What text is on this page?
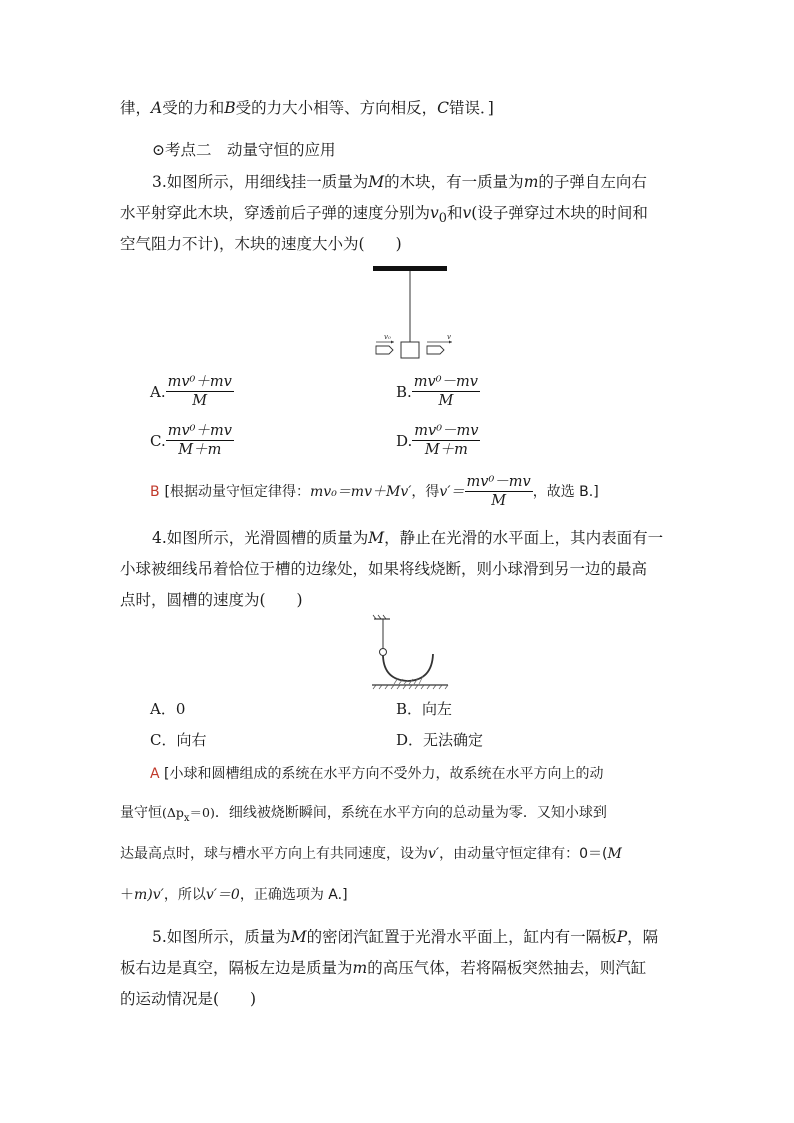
律，A受的力和B受的力大小相等、方向相反，C错误．]
⊙考点二　动量守恒的应用
3.如图所示，用细线挂一质量为M的木块，有一质量为m的子弹自左向右
水平射穿此木块，穿透前后子弹的速度分别为$v_0$和v(设子弹穿过木块的时间和
空气阻力不计)，木块的速度大小为(　　)
v₀	v
A. $\frac{\text{mv⁰＋mv}}{M}$	B. $\frac{\text{mv⁰－mv}}{M}$
C. $\frac{\text{mv⁰＋mv}}{M+m}$	D. $\frac{\text{mv⁰－mv}}{M+m}$
B [根据动量守恒定律得：mv₀＝mv＋Mv′，得$v'= \frac{\text{mv⁰－mv}}{M}$ ，故选 B.]
4.如图所示，光滑圆槽的质量为M，静止在光滑的水平面上，其内表面有一
小球被细线吊着恰位于槽的边缘处，如果将线烧断，则小球滑到另一边的最高
点时，圆槽的速度为(　　)
A．0	B．向左
C．向右	D．无法确定
A [小球和圆槽组成的系统在水平方向不受外力，故系统在水平方向上的动
量守恒$(\Delta p_x=0)$．细线被烧断瞬间，系统在水平方向的总动量为零．又知小球到
达最高点时，球与槽水平方向上有共同速度，设为v′，由动量守恒定律有：0＝(M
＋m)v′，所以v′＝0，正确选项为 A.]
5.如图所示，质量为M的密闭汽缸置于光滑水平面上，缸内有一隔板P，隔
板右边是真空，隔板左边是质量为m的高压气体，若将隔板突然抽去，则汽缸
的运动情况是(　　)
